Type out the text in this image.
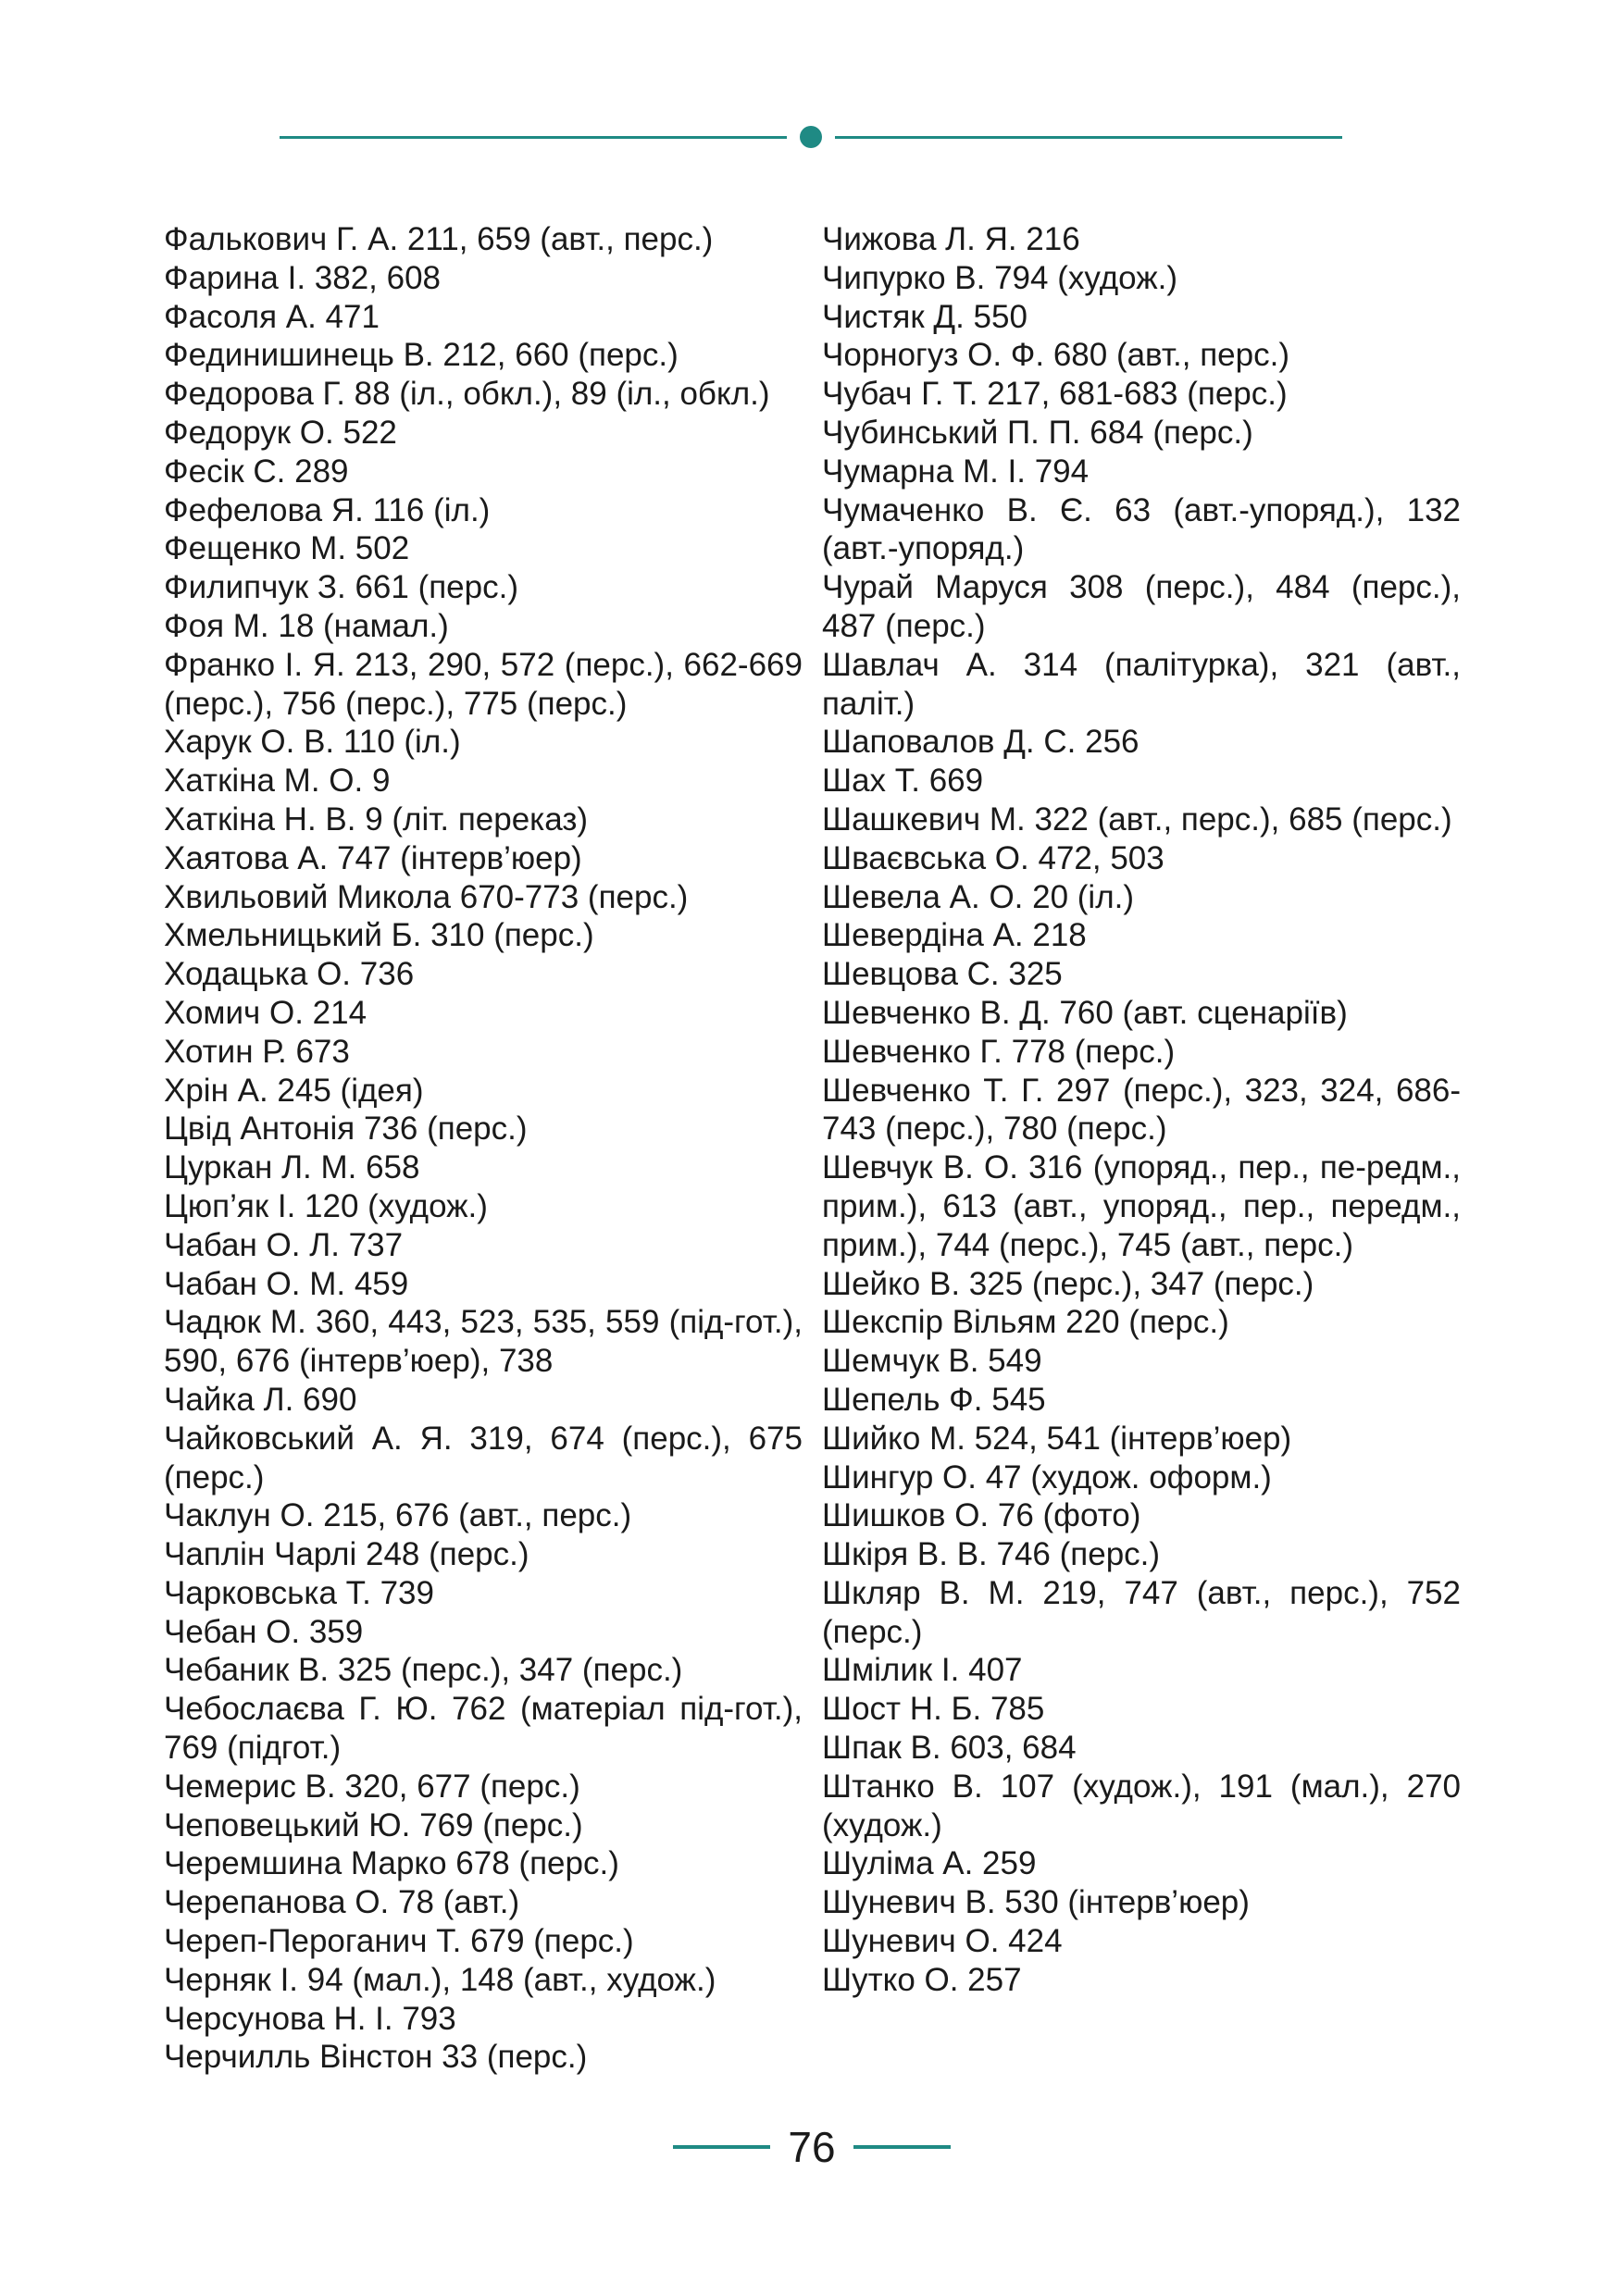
Фалькович Г. А. 211, 659 (авт., перс.)

Фарина І. 382, 608

Фасоля А. 471

Фединишинець В. 212, 660 (перс.)

Федорова Г. 88 (іл., обкл.), 89 (іл., обкл.)

Федорук О. 522

Фесік С. 289

Фефелова Я. 116 (іл.)

Фещенко М. 502

Филипчук З. 661 (перс.)

Фоя М. 18 (намал.)

Франко І. Я. 213, 290, 572 (перс.), 662-669 (перс.), 756 (перс.), 775 (перс.)

Харук О. В. 110 (іл.)

Хаткіна М. О. 9

Хаткіна Н. В. 9 (літ. переказ)

Хаятова А. 747 (інтерв’юер)

Хвильовий Микола 670-773 (перс.)

Хмельницький Б. 310 (перс.)

Ходацька О. 736

Хомич О. 214

Хотин Р. 673

Хрін А. 245 (ідея)

Цвід Антонія 736 (перс.)

Цуркан Л. М. 658

Цюп’як І. 120 (худож.)

Чабан О. Л. 737

Чабан О. М. 459

Чадюк М. 360, 443, 523, 535, 559 (під-гот.), 590, 676 (інтерв’юер), 738

Чайка Л. 690

Чайковський А. Я. 319, 674 (перс.), 675 (перс.)

Чаклун О. 215, 676 (авт., перс.)

Чаплін Чарлі 248 (перс.)

Чарковська Т. 739

Чебан О. 359

Чебаник В. 325 (перс.), 347 (перс.)

Чебослаєва Г. Ю. 762 (матеріал під-гот.), 769 (підгот.)

Чемерис В. 320, 677 (перс.)

Чеповецький Ю. 769 (перс.)

Черемшина Марко 678 (перс.)

Черепанова О. 78 (авт.)

Череп-Пероганич Т. 679 (перс.)

Черняк І. 94 (мал.), 148 (авт., худож.)

Черсунова Н. І. 793

Черчилль Вінстон 33 (перс.)

Чижова Л. Я. 216

Чипурко В. 794 (худож.)

Чистяк Д. 550

Чорногуз О. Ф. 680 (авт., перс.)

Чубач Г. Т. 217, 681-683 (перс.)

Чубинський П. П. 684 (перс.)

Чумарна М. І. 794

Чумаченко В. Є. 63 (авт.-упоряд.), 132 (авт.-упоряд.)

Чурай Маруся 308 (перс.), 484 (перс.), 487 (перс.)

Шавлач А. 314 (палітурка), 321 (авт., паліт.)

Шаповалов Д. С. 256

Шах Т. 669

Шашкевич М. 322 (авт., перс.), 685 (перс.)

Шваєвська О. 472, 503

Шевела А. О. 20 (іл.)

Шевердіна А. 218

Шевцова С. 325

Шевченко В. Д. 760 (авт. сценаріїв)

Шевченко Г. 778 (перс.)

Шевченко Т. Г. 297 (перс.), 323, 324, 686-743 (перс.), 780 (перс.)

Шевчук В. О. 316 (упоряд., пер., пе-редм., прим.), 613 (авт., упоряд., пер., передм., прим.), 744 (перс.), 745 (авт., перс.)

Шейко В. 325 (перс.), 347 (перс.)

Шекспір Вільям 220 (перс.)

Шемчук В. 549

Шепель Ф. 545

Шийко М. 524, 541 (інтерв’юер)

Шингур О. 47 (худож. оформ.)

Шишков О. 76 (фото)

Шкіря В. В. 746 (перс.)

Шкляр В. М. 219, 747 (авт., перс.), 752 (перс.)

Шмілик І. 407

Шост Н. Б. 785

Шпак В. 603, 684

Штанко В. 107 (худож.), 191 (мал.), 270 (худож.)

Шуліма А. 259

Шуневич В. 530 (інтерв’юер)

Шуневич О. 424

Шутко О. 257

76
